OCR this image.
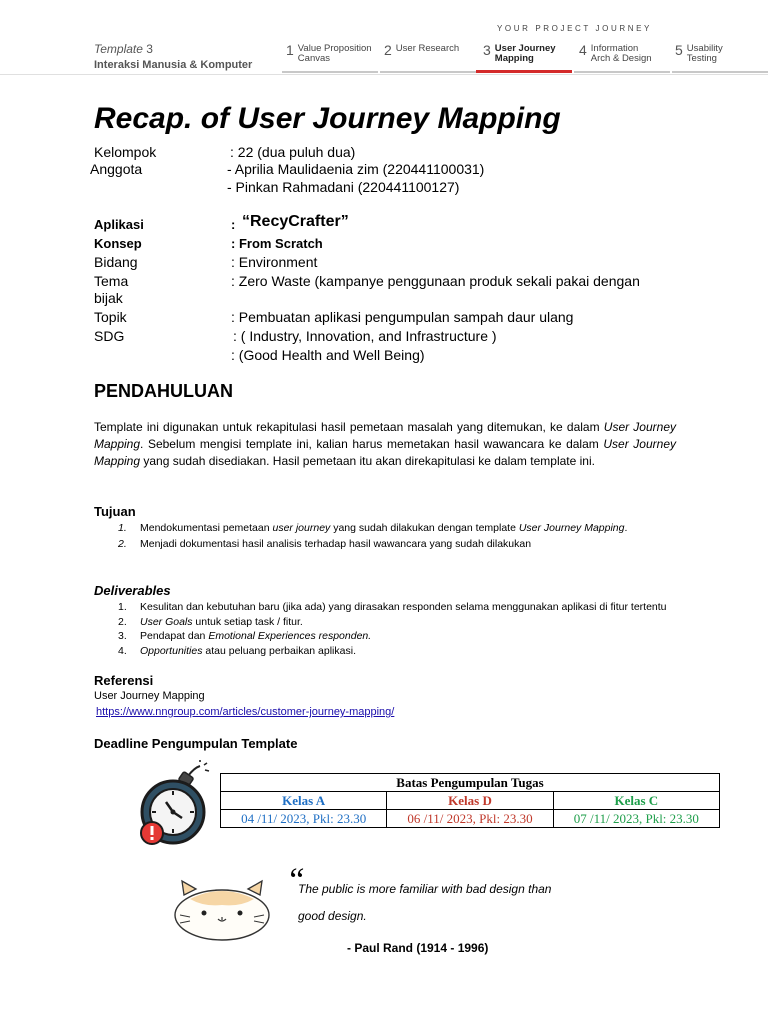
Template 3
Interaksi Manusia & Komputer
YOUR PROJECT JOURNEY
1 Value Proposition
Canvas
2 User Research 3 User Journey
Mapping
4 Information
Arch & Design
5 Usability
Testing
Recap. of User Journey Mapping
Kelompok	: 22 (dua puluh dua)
Anggota	- Aprilia Maulidaenia zim (220441100031)
- Pinkan Rahmadani (220441100127)
Aplikasi	: “RecyCrafter”
Konsep	: From Scratch
Bidang	: Environment
Tema	: Zero Waste (kampanye penggunaan produk sekali pakai dengan
bijak
Topik	: Pembuatan aplikasi pengumpulan sampah daur ulang
SDG	: ( Industry, Innovation, and Infrastructure )
: (Good Health and Well Being)
PENDAHULUAN
Template ini digunakan untuk rekapitulasi hasil pemetaan masalah yang ditemukan, ke dalam User Journey Mapping. Sebelum mengisi template ini, kalian harus memetakan hasil wawancara ke dalam User Journey Mapping yang sudah disediakan. Hasil pemetaan itu akan direkapitulasi ke dalam template ini.
Tujuan
1. Mendokumentasi pemetaan user journey yang sudah dilakukan dengan template User Journey Mapping.
2. Menjadi dokumentasi hasil analisis terhadap hasil wawancara yang sudah dilakukan
Deliverables
1. Kesulitan dan kebutuhan baru (jika ada) yang dirasakan responden selama menggunakan aplikasi di fitur tertentu
2. User Goals untuk setiap task / fitur.
3. Pendapat dan Emotional Experiences responden.
4. Opportunities atau peluang perbaikan aplikasi.
Referensi
User Journey Mapping
https://www.nngroup.com/articles/customer-journey-mapping/
Deadline Pengumpulan Template
Batas Pengumpulan Tugas		
Kelas A	Kelas D	Kelas C
04 /11/ 2023, Pkl: 23.30	06 /11/ 2023, Pkl: 23.30	07 /11/ 2023, Pkl: 23.30
“
The public is more familiar with bad design than
good design.
- Paul Rand (1914 - 1996)
